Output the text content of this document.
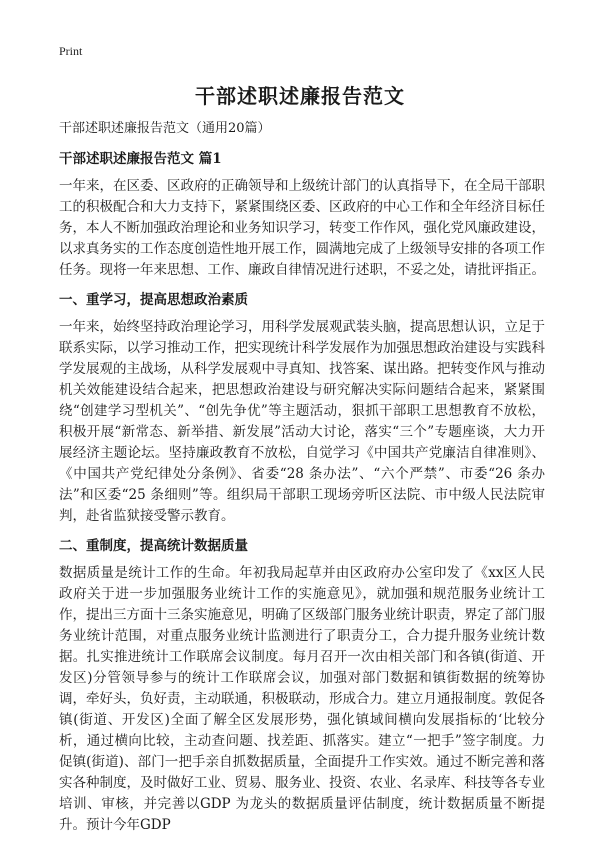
Print
干部述职述廉报告范文

干部述职述廉报告范文（通用20篇）

干部述职述廉报告范文 篇1

一年来，在区委、区政府的正确领导和上级统计部门的认真指导下，在全局干部职工的积极配合和大力支持下，紧紧围绕区委、区政府的中心工作和全年经济目标任务，本人不断加强政治理论和业务知识学习，转变工作作风，强化党风廉政建设，以求真务实的工作态度创造性地开展工作，圆满地完成了上级领导安排的各项工作任务。现将一年来思想、工作、廉政自律情况进行述职，不妥之处，请批评指正。

一、重学习，提高思想政治素质

一年来，始终坚持政治理论学习，用科学发展观武装头脑，提高思想认识，立足于联系实际，以学习推动工作，把实现统计科学发展作为加强思想政治建设与实践科学发展观的主战场，从科学发展观中寻真知、找答案、谋出路。把转变作风与推动机关效能建设结合起来，把思想政治建设与研究解决实际问题结合起来，紧紧围绕“创建学习型机关”、“创先争优”等主题活动，狠抓干部职工思想教育不放松，积极开展“新常态、新举措、新发展”活动大讨论，落实“三个”专题座谈，大力开展经济主题论坛。坚持廉政教育不放松，自觉学习《中国共产党廉洁自律准则》、《中国共产党纪律处分条例》、省委“28 条办法”、“六个严禁”、市委“26 条办法”和区委“25 条细则”等。组织局干部职工现场旁听区法院、市中级人民法院审判，赴省监狱接受警示教育。

二、重制度，提高统计数据质量

数据质量是统计工作的生命。年初我局起草并由区政府办公室印发了《xx区人民政府关于进一步加强服务业统计工作的实施意见》，就加强和规范服务业统计工作，提出三方面十三条实施意见，明确了区级部门服务业统计职责，界定了部门服务业统计范围，对重点服务业统计监测进行了职责分工，合力提升服务业统计数据。扎实推进统计工作联席会议制度。每月召开一次由相关部门和各镇(街道、开发区)分管领导参与的统计工作联席会议，加强对部门数据和镇街数据的统筹协调，牵好头，负好责，主动联通，积极联动，形成合力。建立月通报制度。敦促各镇(街道、开发区)全面了解全区发展形势，强化镇域间横向发展指标的‘比较分析，通过横向比较，主动查问题、找差距、抓落实。建立“一把手”签字制度。力促镇(街道)、部门一把手亲自抓数据质量，全面提升工作实效。通过不断完善和落实各种制度，及时做好工业、贸易、服务业、投资、农业、名录库、科技等各专业培训、审核，并完善以GDP 为龙头的数据质量评估制度，统计数据质量不断提升。预计今年GDP
